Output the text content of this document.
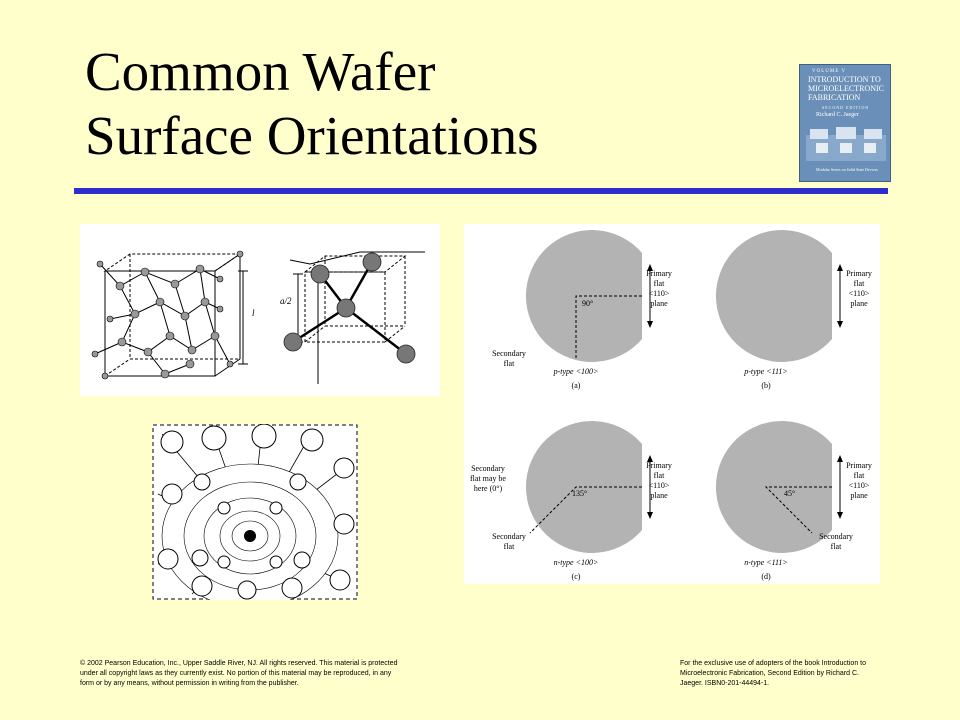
Common Wafer
Surface Orientations
VOLUME V
INTRODUCTION TO MICROELECTRONIC FABRICATION
SECOND EDITION
Richard C. Jaeger
Modular Series on Solid State Devices
a/2
l
90°
Primary
flat
<110>
plane
Secondary
flat
p-type <100>
(a)
Primary
flat
<110>
plane
p-type <111>
(b)
135°
Primary
flat
<110>
plane
Secondary
flat may be
here (0°)
Secondary
flat
n-type <100>
(c)
45°
Primary
flat
<110>
plane
Secondary
flat
n-type <111>
(d)
© 2002 Pearson Education, Inc., Upper Saddle River, NJ. All rights reserved. This material is protected under all copyright laws as they currently exist. No portion of this material may be reproduced, in any form or by any means, without permission in writing from the publisher.
For the exclusive use of adopters of the book Introduction to Microelectronic Fabrication, Second Edition by Richard C. Jaeger. ISBN0-201-44494-1.
